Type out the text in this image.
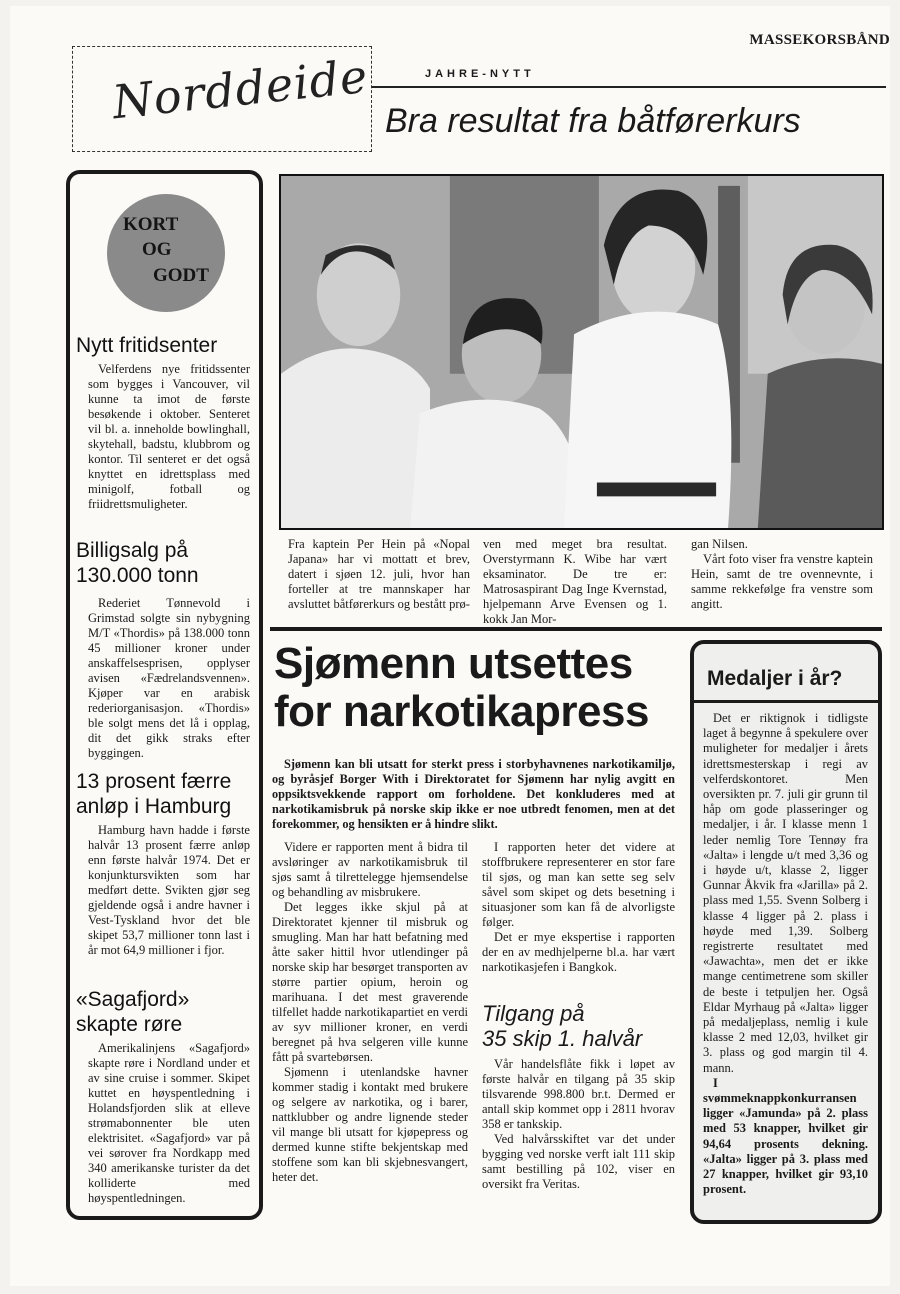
MASSEKORSBÅND
Norddeide	JAHRE-NYTT
Bra resultat fra båtførerkurs
KORT
OG
GODT
Nytt fritidsenter
Velferdens nye fritidssenter som bygges i Vancouver, vil kunne ta imot de første besøkende i oktober. Senteret vil bl. a. inneholde bowlinghall, skytehall, badstu, klubbrom og kontor. Til senteret er det også knyttet en idrettsplass med minigolf, fotball og friidrettsmuligheter.
Billigsalg på 130.000 tonn
Rederiet Tønnevold i Grimstad solgte sin nybygning M/T «Thordis» på 138.000 tonn 45 millioner kroner under anskaffelsesprisen, opplyser avisen «Fædrelandsvennen». Kjøper var en arabisk rederiorganisasjon. «Thordis» ble solgt mens det lå i opplag, dit det gikk straks efter byggingen.
13 prosent færre anløp i Hamburg
Hamburg havn hadde i første halvår 13 prosent færre anløp enn første halvår 1974. Det er konjunktursvikten som har medført dette. Svikten gjør seg gjeldende også i andre havner i Vest-Tyskland hvor det ble skipet 53,7 millioner tonn last i år mot 64,9 millioner i fjor.
«Sagafjord» skapte røre
Amerikalinjens «Sagafjord» skapte røre i Nordland under et av sine cruise i sommer. Skipet kuttet en høyspentledning i Holandsfjorden slik at elleve strømabonnenter ble uten elektrisitet. «Sagafjord» var på vei sørover fra Nordkapp med 340 amerikanske turister da det kolliderte med høyspentledningen.
Fra kaptein Per Hein på «Nopal Japana» har vi mottatt et brev, datert i sjøen 12. juli, hvor han forteller at tre mannskaper har avsluttet båtførerkurs og bestått prø-
ven med meget bra resultat. Overstyrmann K. Wibe har vært eksaminator. De tre er: Matrosaspirant Dag Inge Kvernstad, hjelpemann Arve Evensen og 1. kokk Jan Mor-
gan Nilsen.
Vårt foto viser fra venstre kaptein Hein, samt de tre ovennevnte, i samme rekkefølge fra venstre som angitt.
Sjømenn utsettes
for narkotikapress
Sjømenn kan bli utsatt for sterkt press i storbyhavnenes narkotikamiljø, og byråsjef Borger With i Direktoratet for Sjømenn har nylig avgitt en oppsiktsvekkende rapport om forholdene. Det konkluderes med at narkotikamisbruk på norske skip ikke er noe utbredt fenomen, men at det forekommer, og hensikten er å hindre slikt.

Videre er rapporten ment å bidra til avsløringer av narkotikamisbruk til sjøs samt å tilrettelegge hjemsendelse og behandling av misbrukere.

Det legges ikke skjul på at Direktoratet kjenner til misbruk og smugling. Man har hatt befatning med åtte saker hittil hvor utlendinger på norske skip har besørget transporten av større partier opium, heroin og marihuana. I det mest graverende tilfellet hadde narkotikapartiet en verdi av syv millioner kroner, en verdi beregnet på hva selgeren ville kunne fått på svartebørsen.

Sjømenn i utenlandske havner kommer stadig i kontakt med brukere og selgere av narkotika, og i barer, nattklubber og andre lignende steder vil mange bli utsatt for kjøpepress og dermed kunne stifte bekjentskap med stoffene som kan bli skjebnesvangert, heter det.

I rapporten heter det videre at stoffbrukere representerer en stor fare til sjøs, og man kan sette seg selv såvel som skipet og dets besetning i situasjoner som kan få de alvorligste følger.

Det er mye ekspertise i rapporten der en av medhjelperne bl.a. har vært narkotikasjefen i Bangkok.

Tilgang på
35 skip 1. halvår

Vår handelsflåte fikk i løpet av første halvår en tilgang på 35 skip tilsvarende 998.800 br.t. Dermed er antall skip kommet opp i 2811 hvorav 358 er tankskip.

Ved halvårsskiftet var det under bygging ved norske verft ialt 111 skip samt bestilling på 102, viser en oversikt fra Veritas.

Medaljer i år?

Det er riktignok i tidligste laget å begynne å spekulere over muligheter for medaljer i årets idrettsmesterskap i regi av velferdskontoret. Men oversikten pr. 7. juli gir grunn til håp om gode plasseringer og medaljer, i år. I klasse menn 1 leder nemlig Tore Tennøy fra «Jalta» i lengde u/t med 3,36 og i høyde u/t, klasse 2, ligger Gunnar Åkvik fra «Jarilla» på 2. plass med 1,55. Svenn Solberg i klasse 4 ligger på 2. plass i høyde med 1,39. Solberg registrerte resultatet med «Jawachta», men det er ikke mange centimetrene som skiller de beste i tetpuljen her. Også Eldar Myrhaug på «Jalta» ligger på medaljeplass, nemlig i kule klasse 2 med 12,03, hvilket gir 3. plass og god margin til 4. mann.

I svømmeknappkonkurransen ligger «Jamunda» på 2. plass med 53 knapper, hvilket gir 94,64 prosents dekning. «Jalta» ligger på 3. plass med 27 knapper, hvilket gir 93,10 prosent.
